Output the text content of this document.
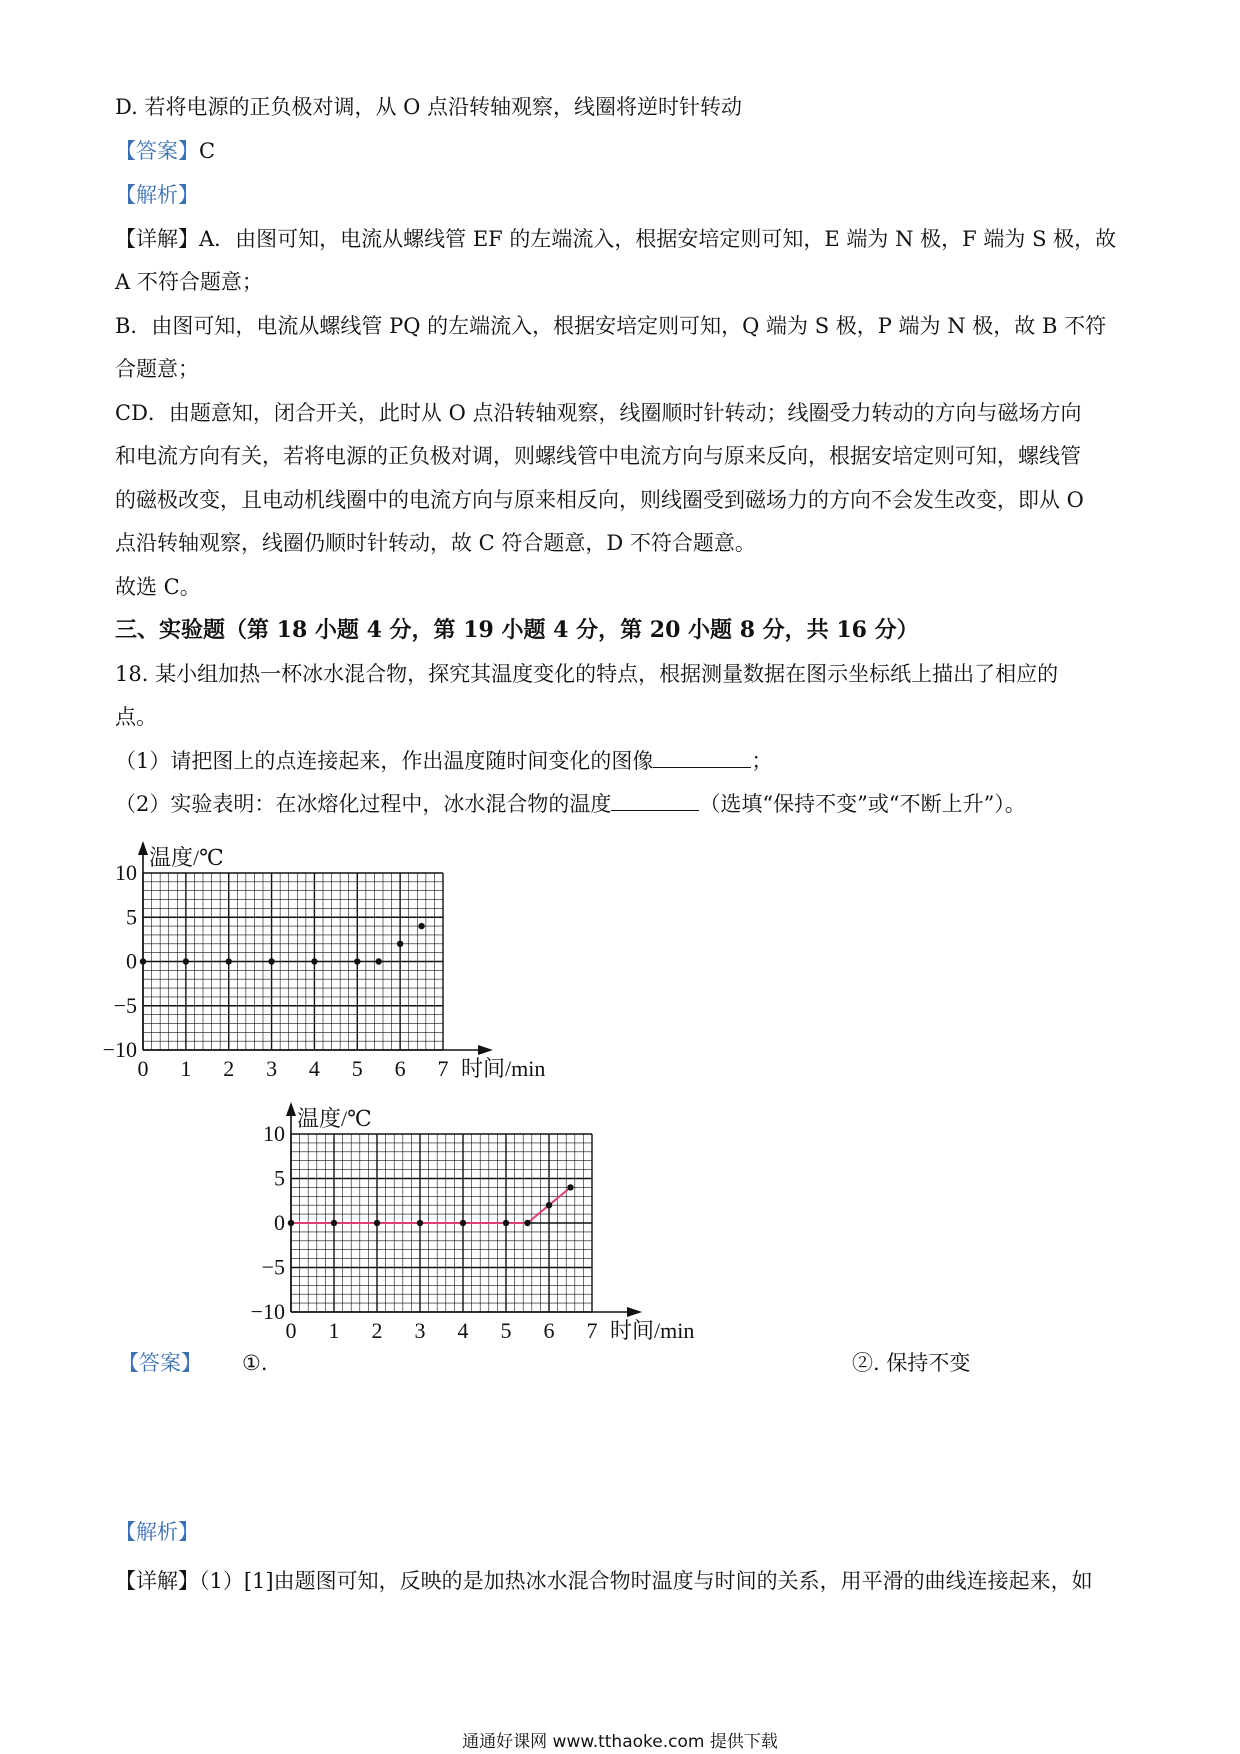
D. 若将电源的正负极对调，从 O 点沿转轴观察，线圈将逆时针转动
【答案】C
【解析】
【详解】A．由图可知，电流从螺线管 EF 的左端流入，根据安培定则可知，E 端为 N 极，F 端为 S 极，故
A 不符合题意；
B．由图可知，电流从螺线管 PQ 的左端流入，根据安培定则可知，Q 端为 S 极，P 端为 N 极，故 B 不符
合题意；
CD．由题意知，闭合开关，此时从 O 点沿转轴观察，线圈顺时针转动；线圈受力转动的方向与磁场方向
和电流方向有关，若将电源的正负极对调，则螺线管中电流方向与原来反向，根据安培定则可知，螺线管
的磁极改变，且电动机线圈中的电流方向与原来相反向，则线圈受到磁场力的方向不会发生改变，即从 O
点沿转轴观察，线圈仍顺时针转动，故 C 符合题意，D 不符合题意。
故选 C。
三、实验题（第 18 小题 4 分，第 19 小题 4 分，第 20 小题 8 分，共 16 分）
18. 某小组加热一杯冰水混合物，探究其温度变化的特点，根据测量数据在图示坐标纸上描出了相应的
点。
（1）请把图上的点连接起来，作出温度随时间变化的图像	；
（2）实验表明：在冰熔化过程中，冰水混合物的温度	（选填“保持不变”或“不断上升”）。
温度/℃
时间/min
10
5
0
−5
−10
0 1 2 3 4 5 6 7
温度/℃
时间/min
10
5
0
−5
−10
0 1 2 3 4 5 6 7
【答案】 ①.	②. 保持不变
【解析】
【详解】（1）[1]由题图可知，反映的是加热冰水混合物时温度与时间的关系，用平滑的曲线连接起来，如
通通好课网 www.tthaoke.com 提供下载
